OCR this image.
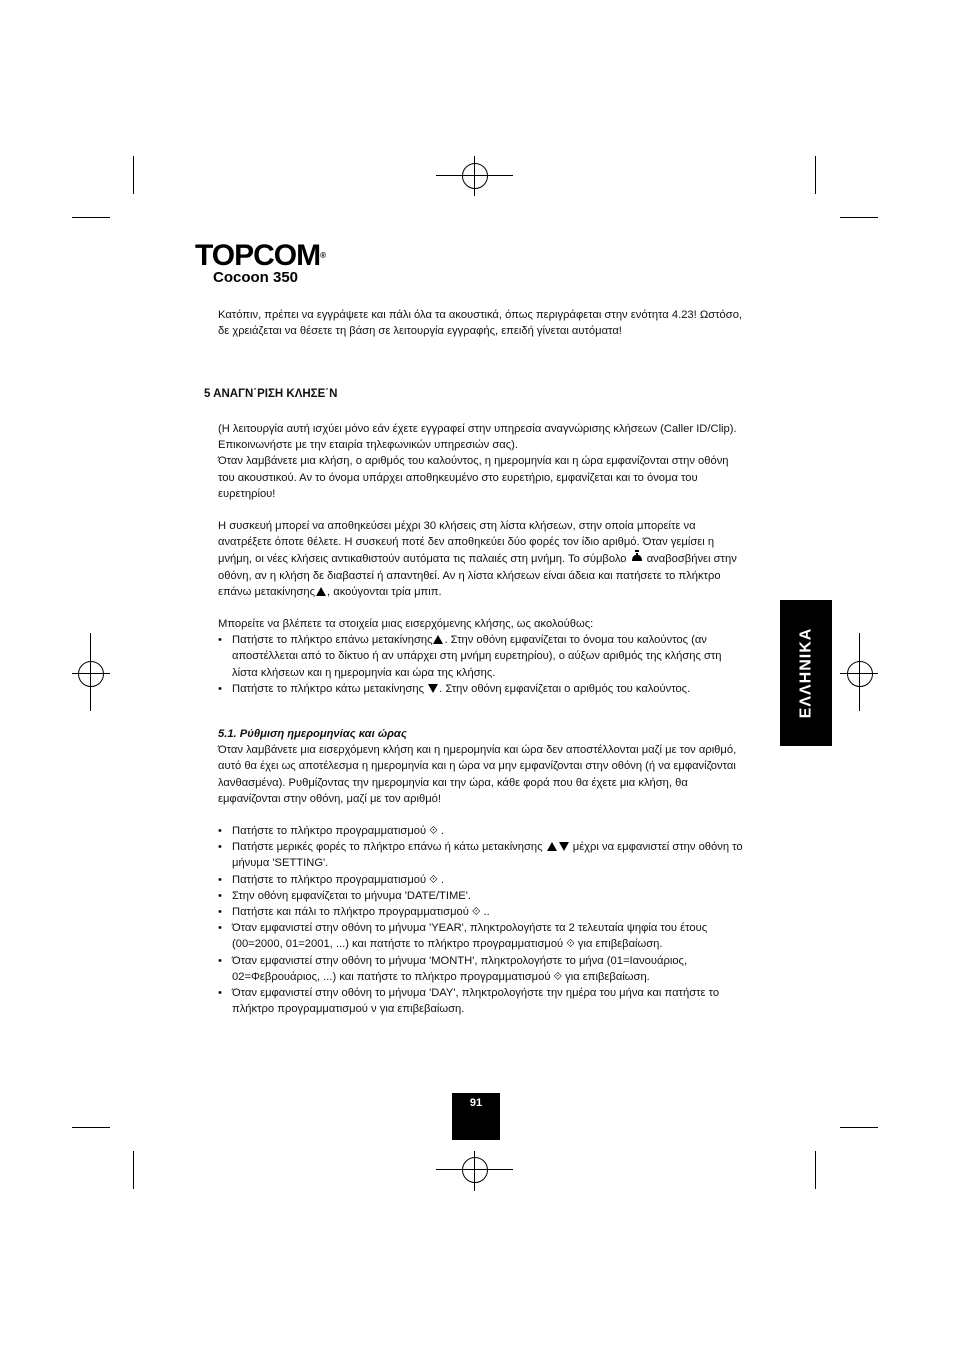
TOPCOM®
Cocoon 350

Κατόπιν, πρέπει να εγγράψετε και πάλι όλα τα ακουστικά, όπως περιγράφεται στην ενότητα 4.23! Ωστόσο, δε χρειάζεται να θέσετε τη βάση σε λειτουργία εγγραφής, επειδή γίνεται αυτόματα!

5 ΑΝΑΓΝ΄ΡΙΣΗ ΚΛΗΣΕ΄Ν

(Η λειτουργία αυτή ισχύει μόνο εάν έχετε εγγραφεί στην υπηρεσία αναγνώρισης κλήσεων (Caller ID/Clip). Επικοινωνήστε με την εταιρία τηλεφωνικών υπηρεσιών σας).

Όταν λαμβάνετε μια κλήση, ο αριθμός του καλούντος, η ημερομηνία και η ώρα εμφανίζονται στην οθόνη του ακουστικού. Αν το όνομα υπάρχει αποθηκευμένο στο ευρετήριο, εμφανίζεται και το όνομα του ευρετηρίου!

Η συσκευή μπορεί να αποθηκεύσει μέχρι 30 κλήσεις στη λίστα κλήσεων, στην οποία μπορείτε να ανατρέξετε όποτε θέλετε. Η συσκευή ποτέ δεν αποθηκεύει δύο φορές τον ίδιο αριθμό. Όταν γεμίσει η μνήμη, οι νέες κλήσεις αντικαθιστούν αυτόματα τις παλαιές στη μνήμη. Το σύμβολο αναβοσβήνει στην οθόνη, αν η κλήση δε διαβαστεί ή απαντηθεί. Αν η λίστα κλήσεων είναι άδεια και πατήσετε το πλήκτρο επάνω μετακίνησης , ακούγονται τρία μπιπ.

Μπορείτε να βλέπετε τα στοιχεία μιας εισερχόμενης κλήσης, ως ακολούθως:

• Πατήστε το πλήκτρο επάνω μετακίνησης . Στην οθόνη εμφανίζεται το όνομα του καλούντος (αν αποστέλλεται από το δίκτυο ή αν υπάρχει στη μνήμη ευρετηρίου), ο αύξων αριθμός της κλήσης στη λίστα κλήσεων και η ημερομηνία και ώρα της κλήσης.
• Πατήστε το πλήκτρο κάτω μετακίνησης . Στην οθόνη εμφανίζεται ο αριθμός του καλούντος.

5.1. Ρύθμιση ημερομηνίας και ώρας

Όταν λαμβάνετε μια εισερχόμενη κλήση και η ημερομηνία και ώρα δεν αποστέλλονται μαζί με τον αριθμό, αυτό θα έχει ως αποτέλεσμα η ημερομηνία και η ώρα να μην εμφανίζονται στην οθόνη (ή να εμφανίζονται λανθασμένα). Ρυθμίζοντας την ημερομηνία και την ώρα, κάθε φορά που θα έχετε μια κλήση, θα εμφανίζονται στην οθόνη, μαζί με τον αριθμό!

• Πατήστε το πλήκτρο προγραμματισμού ⟐ .
• Πατήστε μερικές φορές το πλήκτρο επάνω ή κάτω μετακίνησης	μέχρι να εμφανιστεί στην οθόνη το μήνυμα 'SETTING'.
• Πατήστε το πλήκτρο προγραμματισμού ⟐ .
• Στην οθόνη εμφανίζεται το μήνυμα 'DATE/TIME'.
• Πατήστε και πάλι το πλήκτρο προγραμματισμού ⟐ ..
• Όταν εμφανιστεί στην οθόνη το μήνυμα 'YEAR', πληκτρολογήστε τα 2 τελευταία ψηφία του έτους (00=2000, 01=2001, ...) και πατήστε το πλήκτρο προγραμματισμού ⟐ για επιβεβαίωση.
• Όταν εμφανιστεί στην οθόνη το μήνυμα 'MONTH', πληκτρολογήστε το μήνα (01=Ιανουάριος, 02=Φεβρουάριος, ...) και πατήστε το πλήκτρο προγραμματισμού ⟐ για επιβεβαίωση.
• Όταν εμφανιστεί στην οθόνη το μήνυμα 'DAY', πληκτρολογήστε την ημέρα του μήνα και πατήστε το πλήκτρο προγραμματισμού ν για επιβεβαίωση.
ΕΛΛΗΝΙΚΑ
91
